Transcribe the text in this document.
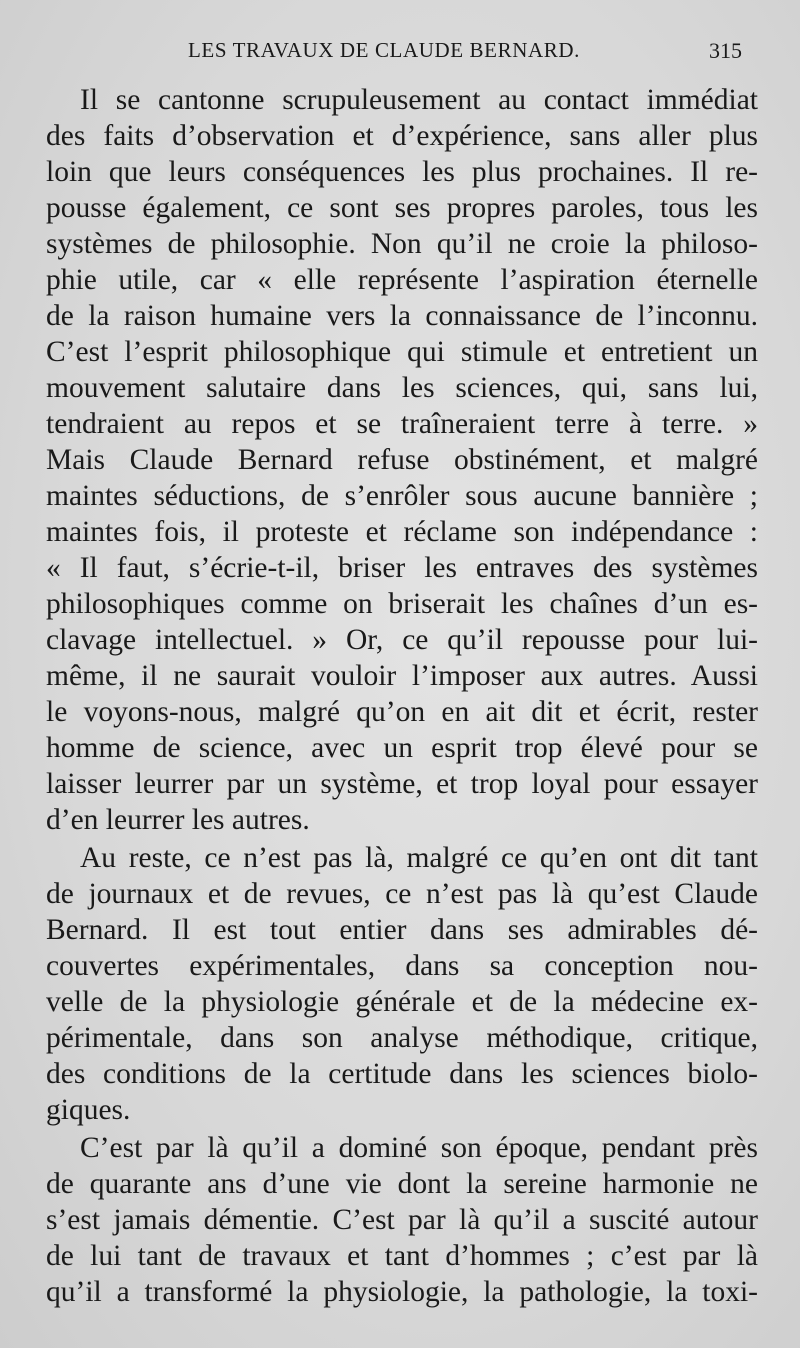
LES TRAVAUX DE CLAUDE BERNARD.	315
Il se cantonne scrupuleusement au contact immédiat
des faits d’observation et d’expérience, sans aller plus
loin que leurs conséquences les plus prochaines. Il re-
pousse également, ce sont ses propres paroles, tous les
systèmes de philosophie. Non qu’il ne croie la philoso-
phie utile, car « elle représente l’aspiration éternelle
de la raison humaine vers la connaissance de l’inconnu.
C’est l’esprit philosophique qui stimule et entretient un
mouvement salutaire dans les sciences, qui, sans lui,
tendraient au repos et se traîneraient terre à terre. »
Mais Claude Bernard refuse obstinément, et malgré
maintes séductions, de s’enrôler sous aucune bannière ;
maintes fois, il proteste et réclame son indépendance :
« Il faut, s’écrie-t-il, briser les entraves des systèmes
philosophiques comme on briserait les chaînes d’un es-
clavage intellectuel. » Or, ce qu’il repousse pour lui-
même, il ne saurait vouloir l’imposer aux autres. Aussi
le voyons-nous, malgré qu’on en ait dit et écrit, rester
homme de science, avec un esprit trop élevé pour se
laisser leurrer par un système, et trop loyal pour essayer
d’en leurrer les autres.
Au reste, ce n’est pas là, malgré ce qu’en ont dit tant
de journaux et de revues, ce n’est pas là qu’est Claude
Bernard. Il est tout entier dans ses admirables dé-
couvertes expérimentales, dans sa conception nou-
velle de la physiologie générale et de la médecine ex-
périmentale, dans son analyse méthodique, critique,
des conditions de la certitude dans les sciences biolo-
giques.
C’est par là qu’il a dominé son époque, pendant près
de quarante ans d’une vie dont la sereine harmonie ne
s’est jamais démentie. C’est par là qu’il a suscité autour
de lui tant de travaux et tant d’hommes ; c’est par là
qu’il a transformé la physiologie, la pathologie, la toxi-
